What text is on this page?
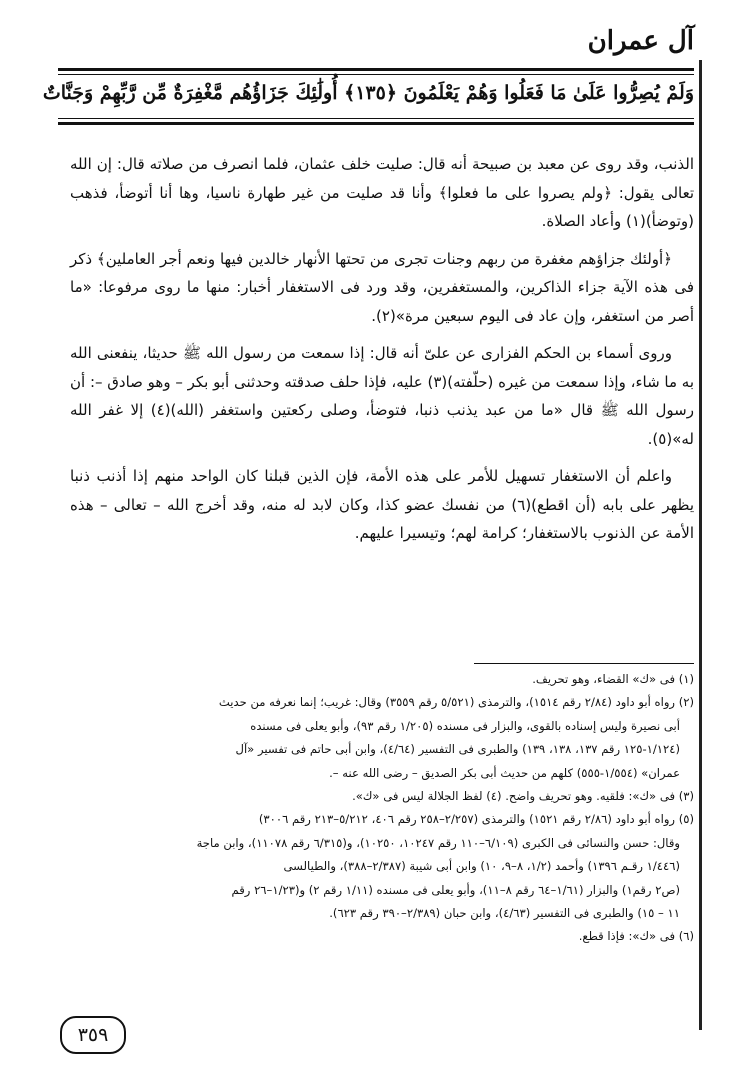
آل عمران
وَلَمْ يُصِرُّوا عَلَىٰ مَا فَعَلُوا وَهُمْ يَعْلَمُونَ ﴿١٣٥﴾ أُولَٰئِكَ جَزَاؤُهُم مَّغْفِرَةٌ مِّن رَّبِّهِمْ وَجَنَّاتٌ

الذنب، وقد روى عن معبد بن صبيحة أنه قال: صليت خلف عثمان، فلما انصرف من صلاته قال: إن الله تعالى يقول: ﴿ولم يصروا على ما فعلوا﴾ وأنا قد صليت من غير طهارة ناسيا، وها أنا أتوضأ، فذهب (وتوضأ)(١) وأعاد الصلاة.

﴿أولئك جزاؤهم مغفرة من ربهم وجنات تجرى من تحتها الأنهار خالدين فيها ونعم أجر العاملين﴾ ذكر فى هذه الآية جزاء الذاكرين، والمستغفرين، وقد ورد فى الاستغفار أخبار: منها ما روى مرفوعا: «ما أصر من استغفر، وإن عاد فى اليوم سبعين مرة»(٢).

وروى أسماء بن الحكم الفزارى عن علىّ أنه قال: إذا سمعت من رسول الله ﷺ حديثا، ينفعنى الله به ما شاء، وإذا سمعت من غيره (حلّفته)(٣) عليه، فإذا حلف صدقته وحدثنى أبو بكر – وهو صادق –: أن رسول الله ﷺ قال «ما من عبد يذنب ذنبا، فتوضأ، وصلى ركعتين واستغفر (الله)(٤) إلا غفر الله له»(٥).

واعلم أن الاستغفار تسهيل للأمر على هذه الأمة، فإن الذين قبلنا كان الواحد منهم إذا أذنب ذنبا يظهر على بابه (أن اقطع)(٦) من نفسك عضو كذا، وكان لابد له منه، وقد أخرج الله – تعالى – هذه الأمة عن الذنوب بالاستغفار؛ كرامة لهم؛ وتيسيرا عليهم.

(١) فى «ك» القضاء، وهو تحريف.
(٢) رواه أبو داود (٢/٨٤ رقم ١٥١٤)، والترمذى (٥/٥٢١ رقم ٣٥٥٩) وقال: غريب؛ إنما نعرفه من حديث
أبى نصيرة وليس إسناده بالقوى، والبزار فى مسنده (١/٢٠٥ رقم ٩٣)، وأبو يعلى فى مسنده
(١/١٢٤-١٢٥ رقم ١٣٧، ١٣٨، ١٣٩) والطبرى فى التفسير (٤/٦٤)، وابن أبى حاتم فى تفسير «آل
عمران» (١/٥٥٤-٥٥٥) كلهم من حديث أبى بكر الصديق – رضى الله عنه –.
(٣) فى «ك»: فلقيه. وهو تحريف واضح. (٤) لفظ الجلالة ليس فى «ك».
(٥) رواه أبو داود (٢/٨٦ رقم ١٥٢١) والترمذى (٢/٢٥٧–٢٥٨ رقم ٤٠٦، ٥/٢١٢–٢١٣ رقم ٣٠٠٦)
وقال: حسن والنسائى فى الكبرى (٦/١٠٩–١١٠ رقم ١٠٢٤٧، ١٠٢٥٠)، و(٦/٣١٥ رقم ١١٠٧٨)، وابن ماجة
(١/٤٤٦ رقـم ١٣٩٦) وأحمد (١/٢، ٨–٩، ١٠) وابن أبى شيبة (٢/٣٨٧–٣٨٨)، والطيالسى
(ص٢ رقم١) والبزار (١/٦١–٦٤ رقم ٨–١١)، وأبو يعلى فى مسنده (١/١١ رقم ٢) و(١/٢٣–٢٦ رقم
١١ – ١٥) والطبرى فى التفسير (٤/٦٣)، وابن حبان (٢/٣٨٩–٣٩٠ رقم ٦٢٣).
(٦) فى «ك»: فإذا قطع.
٣٥٩
